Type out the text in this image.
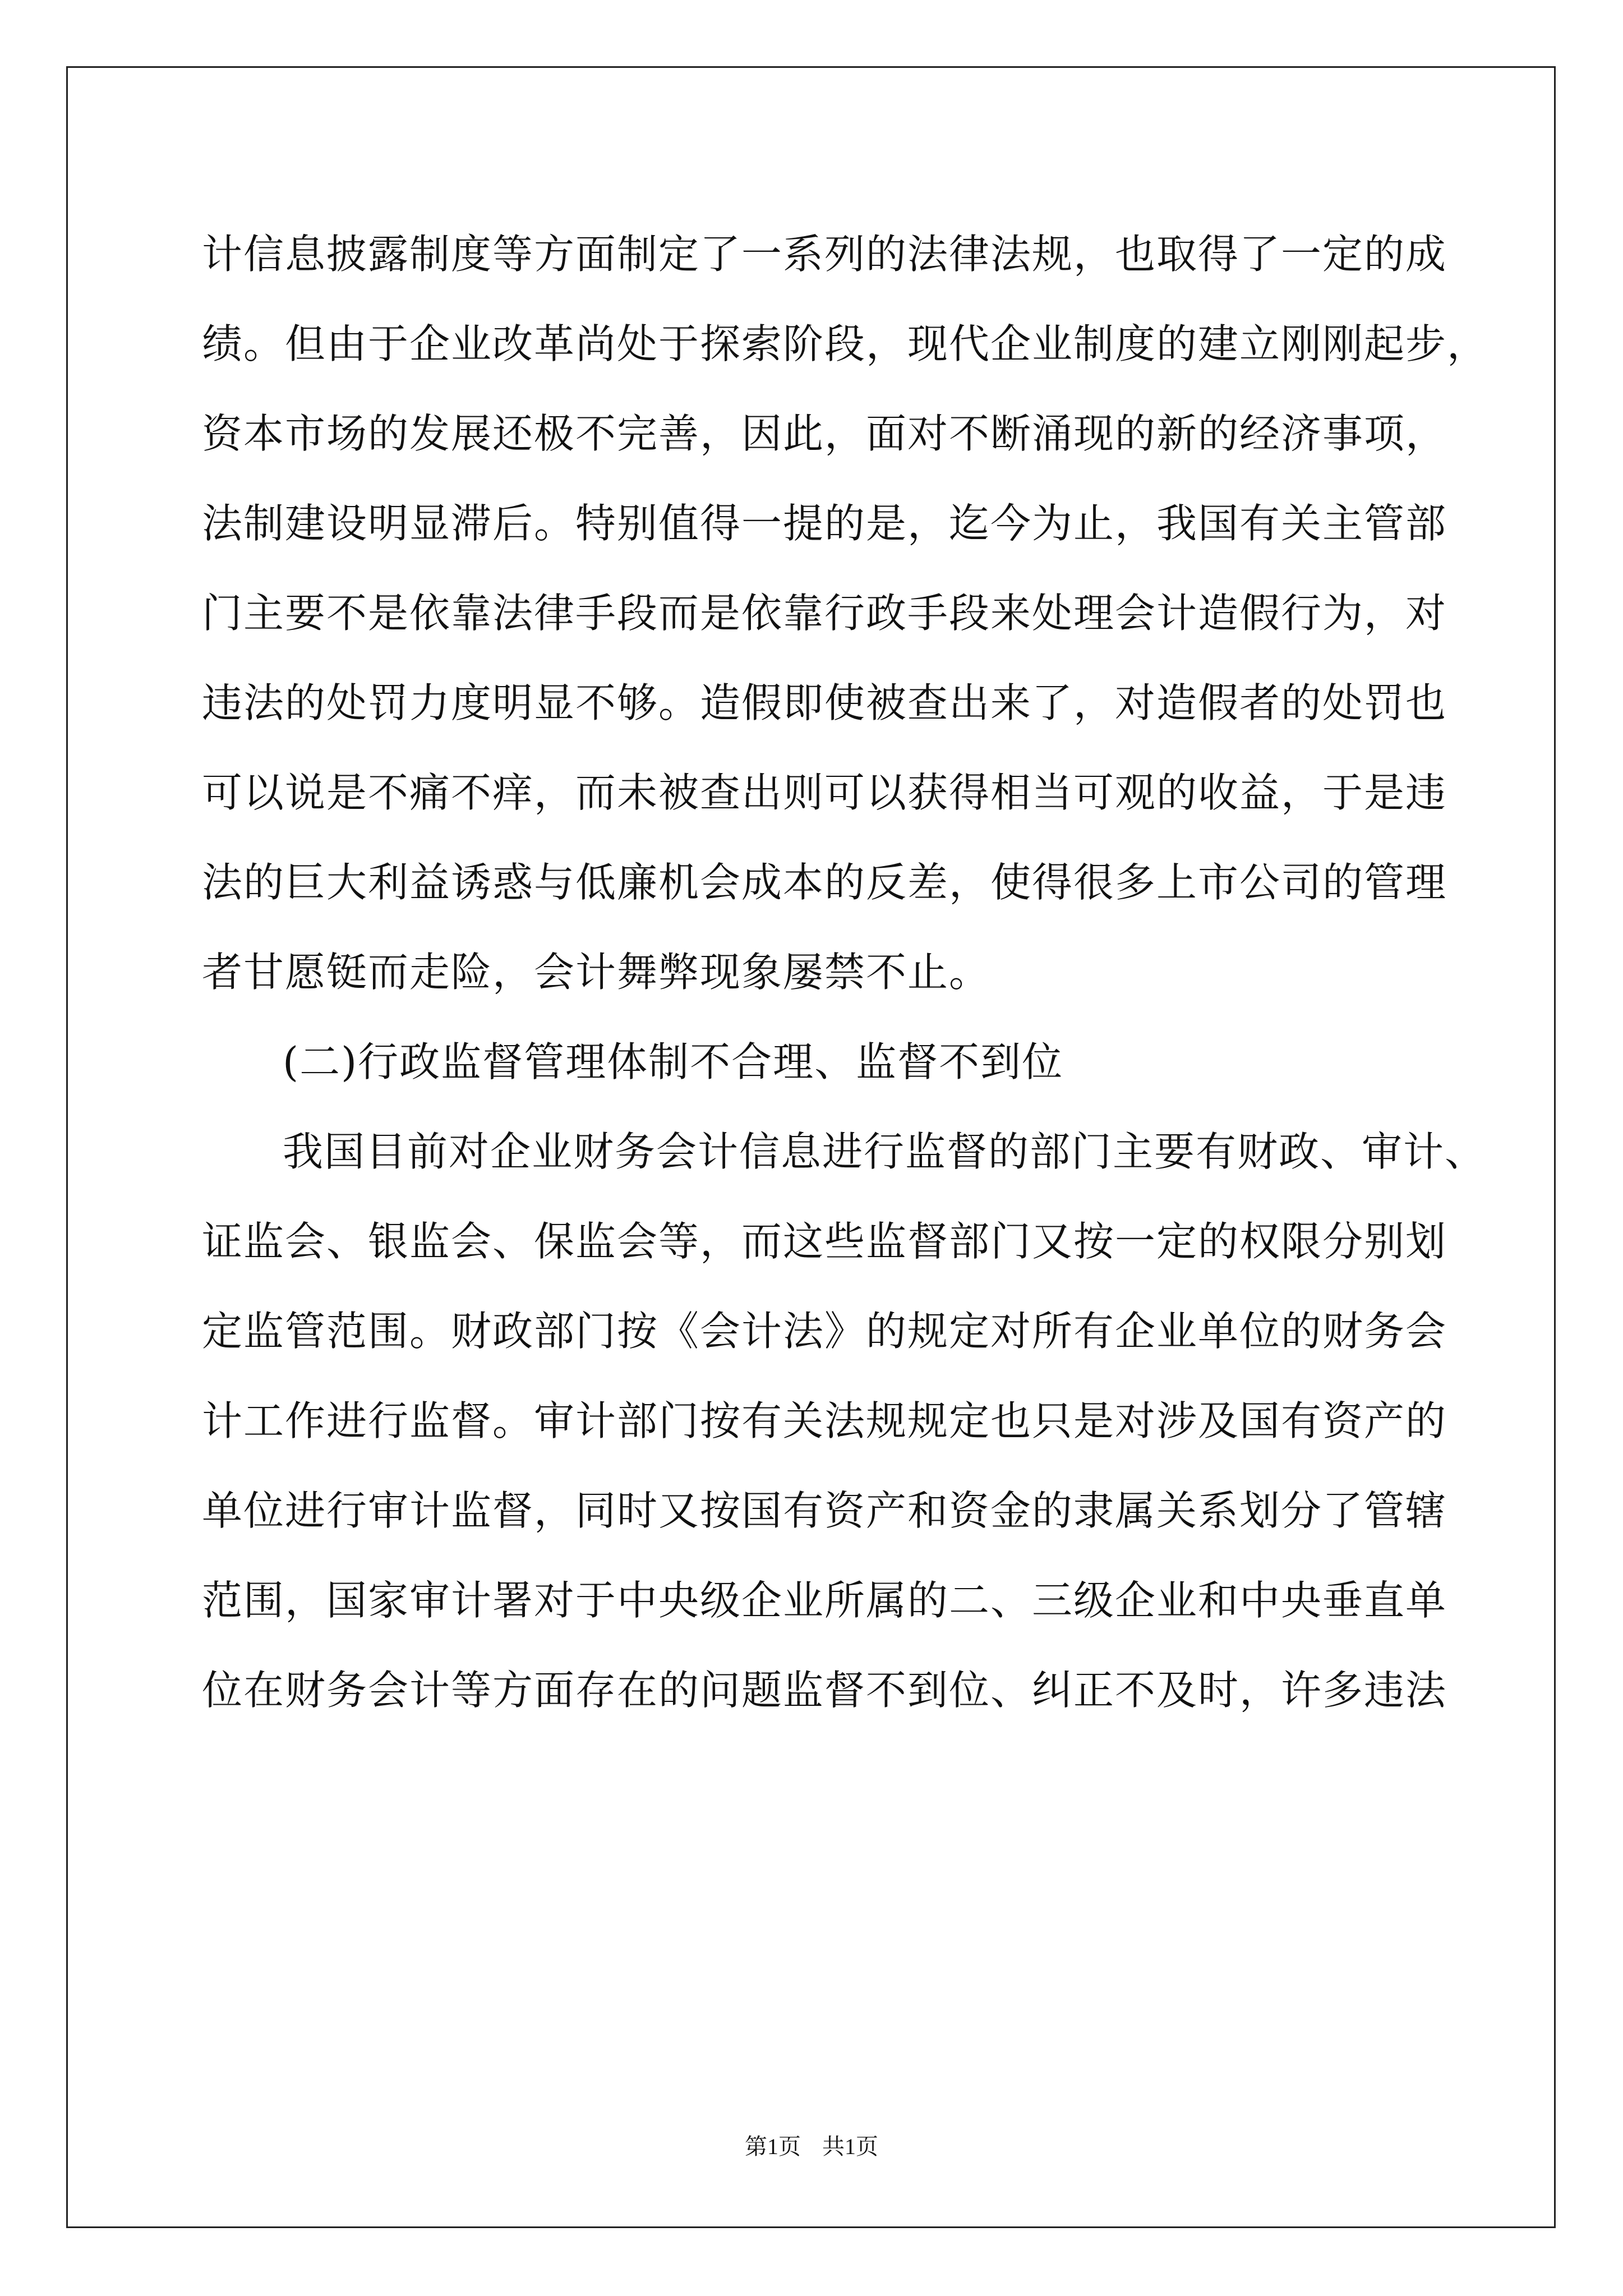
计信息披露制度等方面制定了一系列的法律法规，也取得了一定的成
绩。但由于企业改革尚处于探索阶段，现代企业制度的建立刚刚起步，
资本市场的发展还极不完善，因此，面对不断涌现的新的经济事项，
法制建设明显滞后。特别值得一提的是，迄今为止，我国有关主管部
门主要不是依靠法律手段而是依靠行政手段来处理会计造假行为，对
违法的处罚力度明显不够。造假即使被查出来了，对造假者的处罚也
可以说是不痛不痒，而未被查出则可以获得相当可观的收益，于是违
法的巨大利益诱惑与低廉机会成本的反差，使得很多上市公司的管理
者甘愿铤而走险，会计舞弊现象屡禁不止。
(二)行政监督管理体制不合理、监督不到位
我国目前对企业财务会计信息进行监督的部门主要有财政、审计、
证监会、银监会、保监会等，而这些监督部门又按一定的权限分别划
定监管范围。财政部门按《会计法》的规定对所有企业单位的财务会
计工作进行监督。审计部门按有关法规规定也只是对涉及国有资产的
单位进行审计监督，同时又按国有资产和资金的隶属关系划分了管辖
范围，国家审计署对于中央级企业所属的二、三级企业和中央垂直单
位在财务会计等方面存在的问题监督不到位、纠正不及时，许多违法
第1页 共1页
